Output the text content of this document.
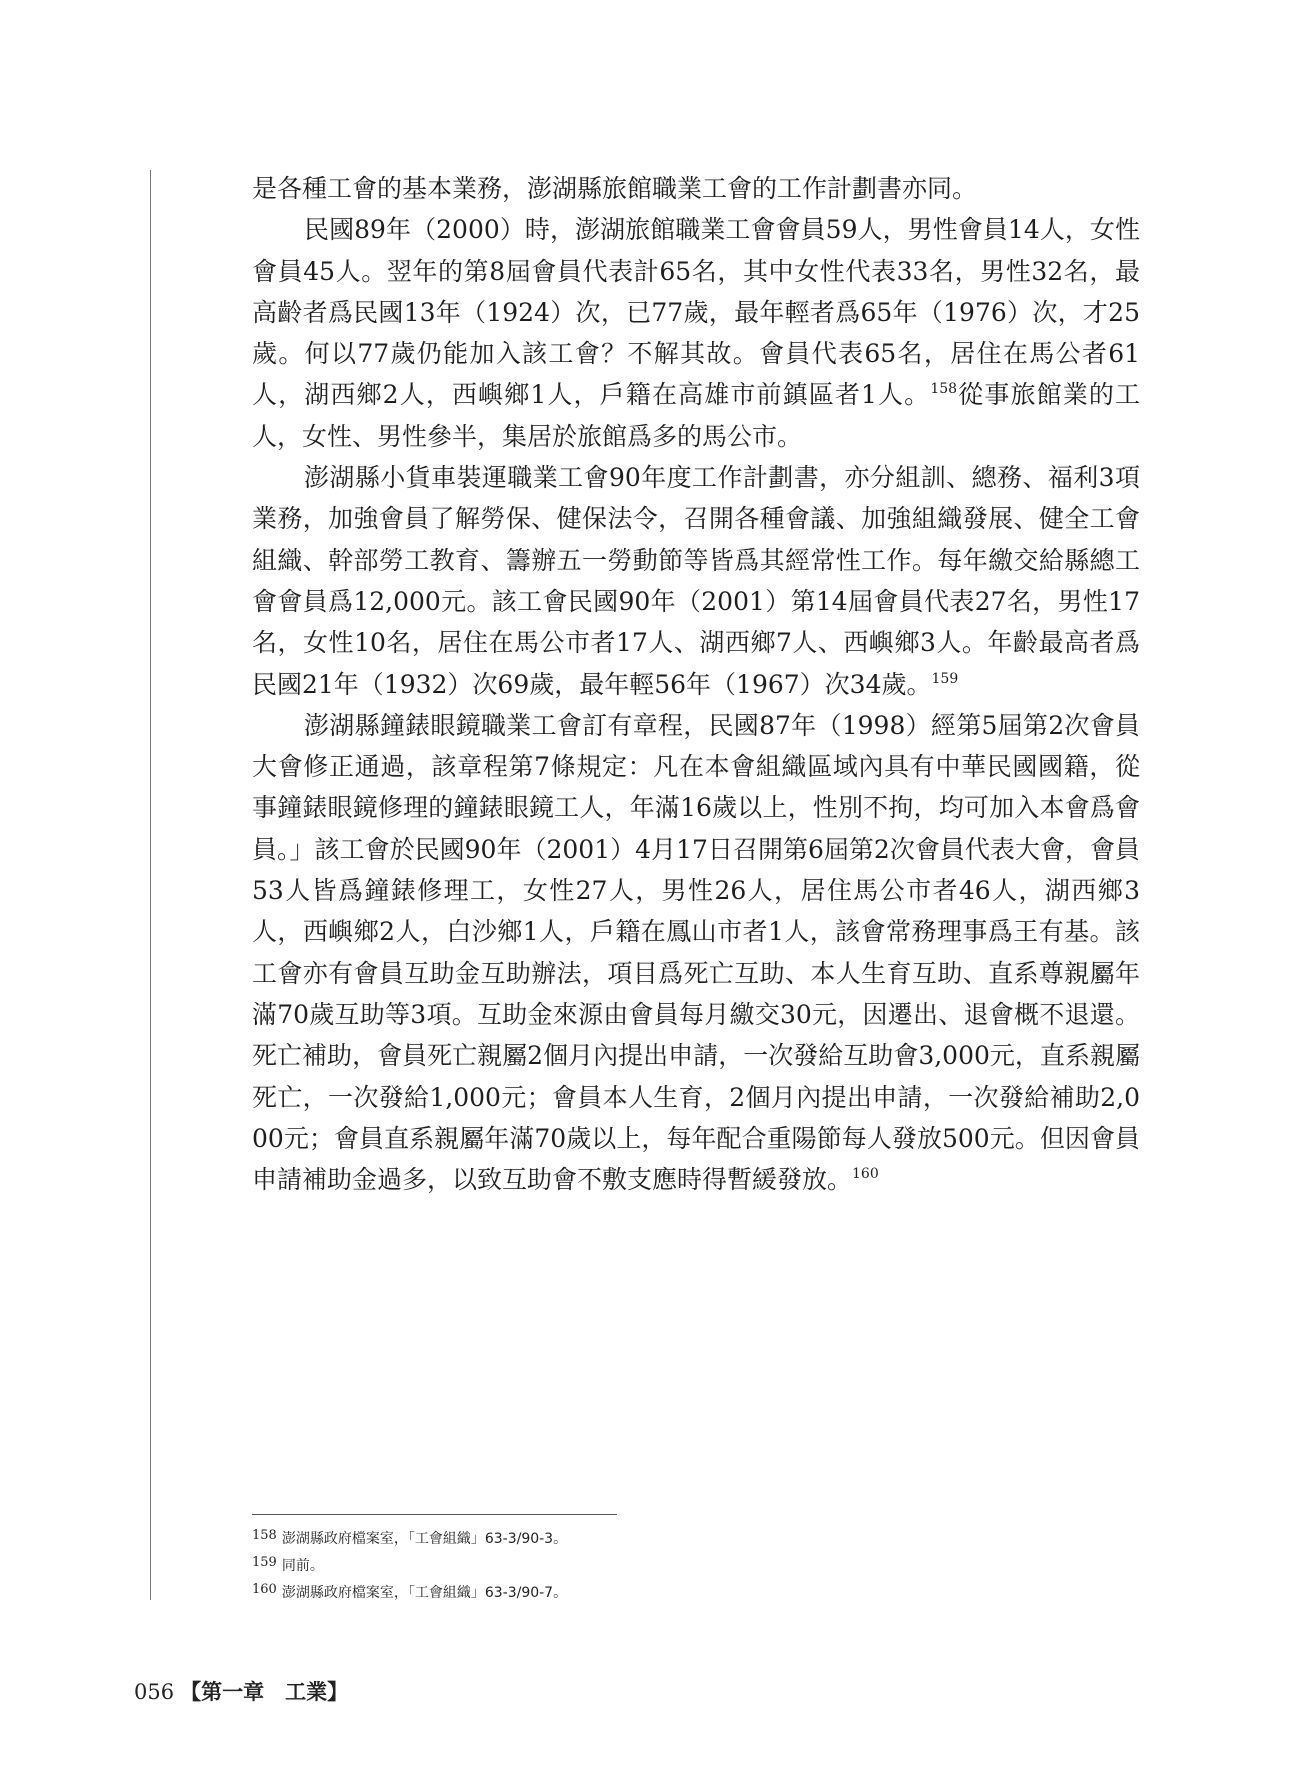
是各種工會的基本業務，澎湖縣旅館職業工會的工作計劃書亦同。

民國89年（2000）時，澎湖旅館職業工會會員59人，男性會員14人，女性會員45人。翌年的第8屆會員代表計65名，其中女性代表33名，男性32名，最高齡者爲民國13年（1924）次，已77歲，最年輕者爲65年（1976）次，才25歲。何以77歲仍能加入該工會？不解其故。會員代表65名，居住在馬公者61人，湖西鄉2人，西嶼鄉1人，戶籍在高雄市前鎮區者1人。$^{158}$從事旅館業的工人，女性、男性參半，集居於旅館爲多的馬公市。

澎湖縣小貨車裝運職業工會90年度工作計劃書，亦分組訓、總務、福利3項業務，加強會員了解勞保、健保法令，召開各種會議、加強組織發展、健全工會組織、幹部勞工教育、籌辦五一勞動節等皆爲其經常性工作。每年繳交給縣總工會會員爲12,000元。該工會民國90年（2001）第14屆會員代表27名，男性17名，女性10名，居住在馬公市者17人、湖西鄉7人、西嶼鄉3人。年齡最高者爲民國21年（1932）次69歲，最年輕56年（1967）次34歲。$^{159}$

澎湖縣鐘錶眼鏡職業工會訂有章程，民國87年（1998）經第5屆第2次會員大會修正通過，該章程第7條規定：凡在本會組織區域內具有中華民國國籍，從事鐘錶眼鏡修理的鐘錶眼鏡工人，年滿16歲以上，性別不拘，均可加入本會爲會員。」該工會於民國90年（2001）4月17日召開第6屆第2次會員代表大會，會員53人皆爲鐘錶修理工，女性27人，男性26人，居住馬公市者46人，湖西鄉3人，西嶼鄉2人，白沙鄉1人，戶籍在鳳山市者1人，該會常務理事爲王有基。該工會亦有會員互助金互助辦法，項目爲死亡互助、本人生育互助、直系尊親屬年滿70歲互助等3項。互助金來源由會員每月繳交30元，因遷出、退會概不退還。死亡補助，會員死亡親屬2個月內提出申請，一次發給互助會3,000元，直系親屬死亡，一次發給1,000元；會員本人生育，2個月內提出申請，一次發給補助2,000元；會員直系親屬年滿70歲以上，每年配合重陽節每人發放500元。但因會員申請補助金過多，以致互助會不敷支應時得暫緩發放。$^{160}$

158 澎湖縣政府檔案室，「工會組織」63-3/90-3。
159 同前。
160 澎湖縣政府檔案室，「工會組織」63-3/90-7。
056 【第一章　工業】
